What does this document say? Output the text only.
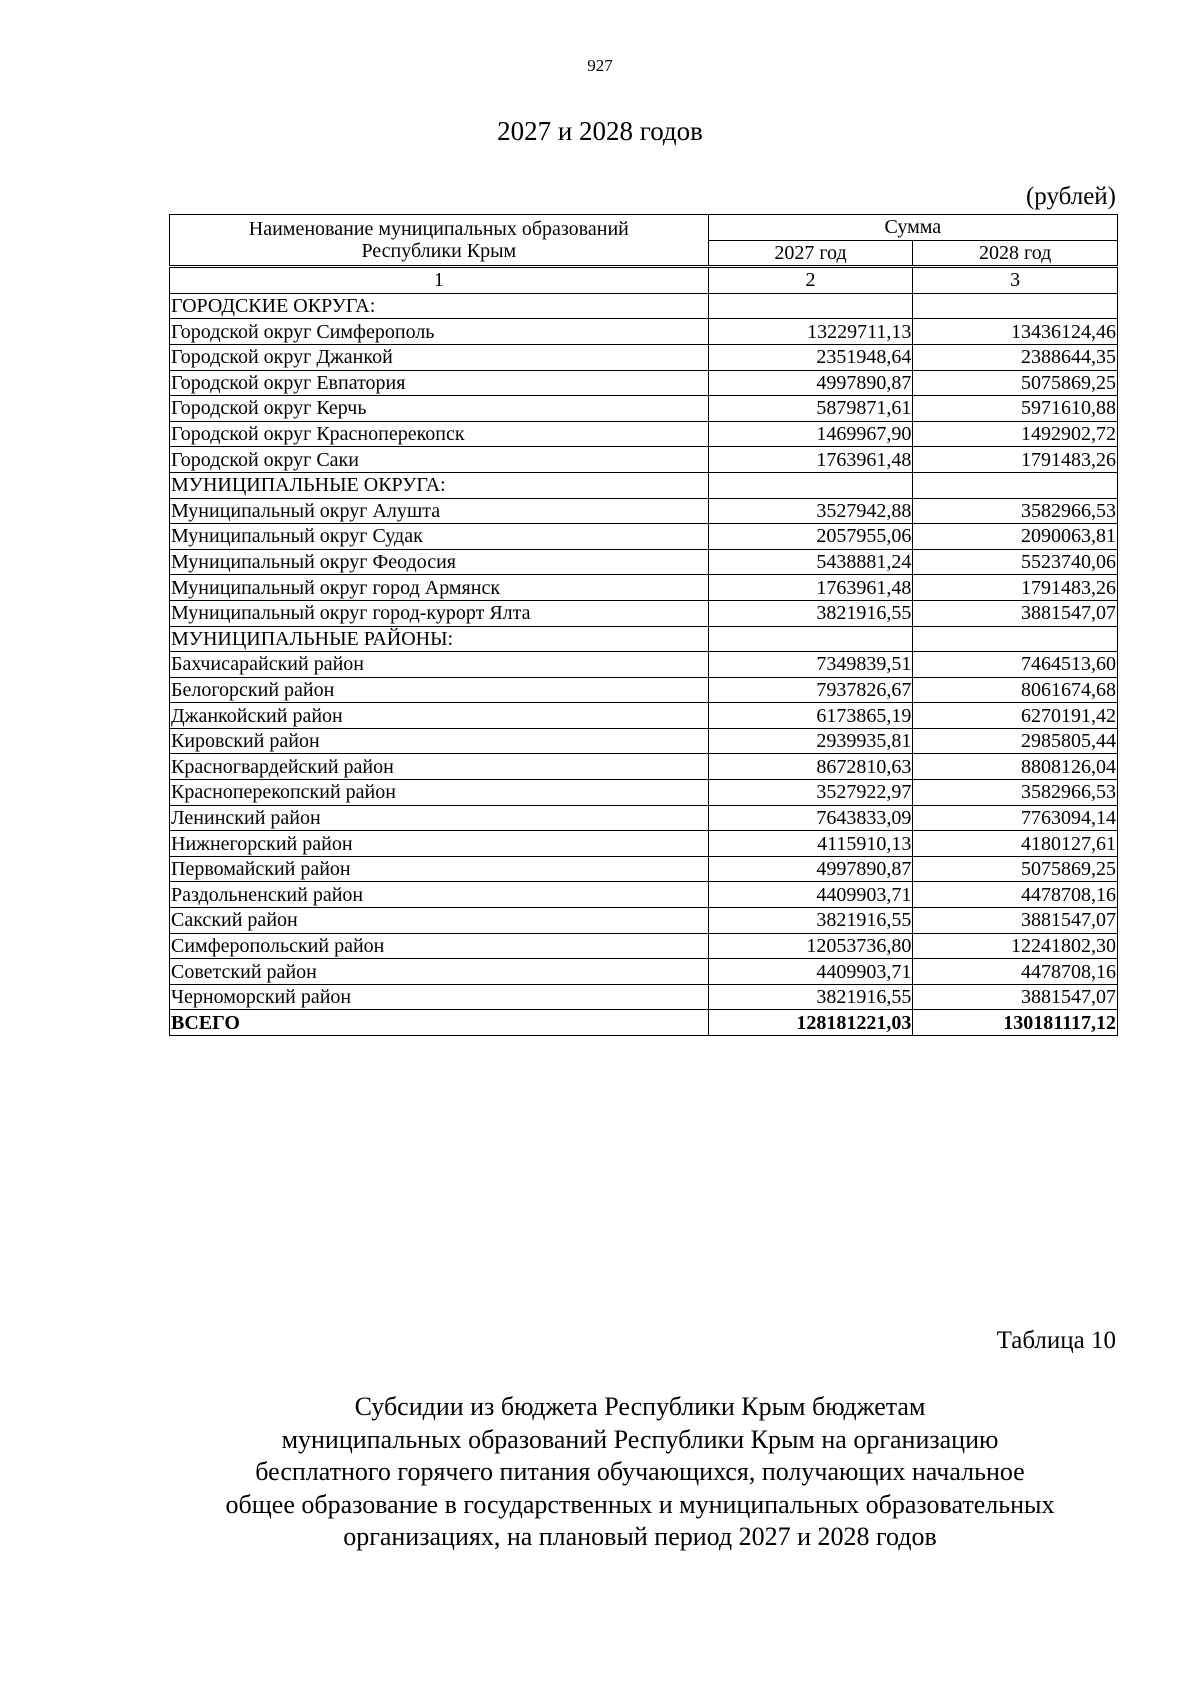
927
2027 и 2028 годов
(рублей)
Наименование муниципальных образований
Республики Крым	Сумма	
	2027 год	2028 год
1	2	3
ГОРОДСКИЕ ОКРУГА:		
Городской округ Симферополь	13229711,13	13436124,46
Городской округ Джанкой	2351948,64	2388644,35
Городской округ Евпатория	4997890,87	5075869,25
Городской округ Керчь	5879871,61	5971610,88
Городской округ Красноперекопск	1469967,90	1492902,72
Городской округ Саки	1763961,48	1791483,26
МУНИЦИПАЛЬНЫЕ ОКРУГА:		
Муниципальный округ Алушта	3527942,88	3582966,53
Муниципальный округ Судак	2057955,06	2090063,81
Муниципальный округ Феодосия	5438881,24	5523740,06
Муниципальный округ город Армянск	1763961,48	1791483,26
Муниципальный округ город-курорт Ялта	3821916,55	3881547,07
МУНИЦИПАЛЬНЫЕ РАЙОНЫ:		
Бахчисарайский район	7349839,51	7464513,60
Белогорский район	7937826,67	8061674,68
Джанкойский район	6173865,19	6270191,42
Кировский район	2939935,81	2985805,44
Красногвардейский район	8672810,63	8808126,04
Красноперекопский район	3527922,97	3582966,53
Ленинский район	7643833,09	7763094,14
Нижнегорский район	4115910,13	4180127,61
Первомайский район	4997890,87	5075869,25
Раздольненский район	4409903,71	4478708,16
Сакский район	3821916,55	3881547,07
Симферопольский район	12053736,80	12241802,30
Советский район	4409903,71	4478708,16
Черноморский район	3821916,55	3881547,07
ВСЕГО	128181221,03	130181117,12
Таблица 10
Субсидии из бюджета Республики Крым бюджетам
муниципальных образований Республики Крым на организацию
бесплатного горячего питания обучающихся, получающих начальное
общее образование в государственных и муниципальных образовательных
организациях, на плановый период 2027 и 2028 годов
